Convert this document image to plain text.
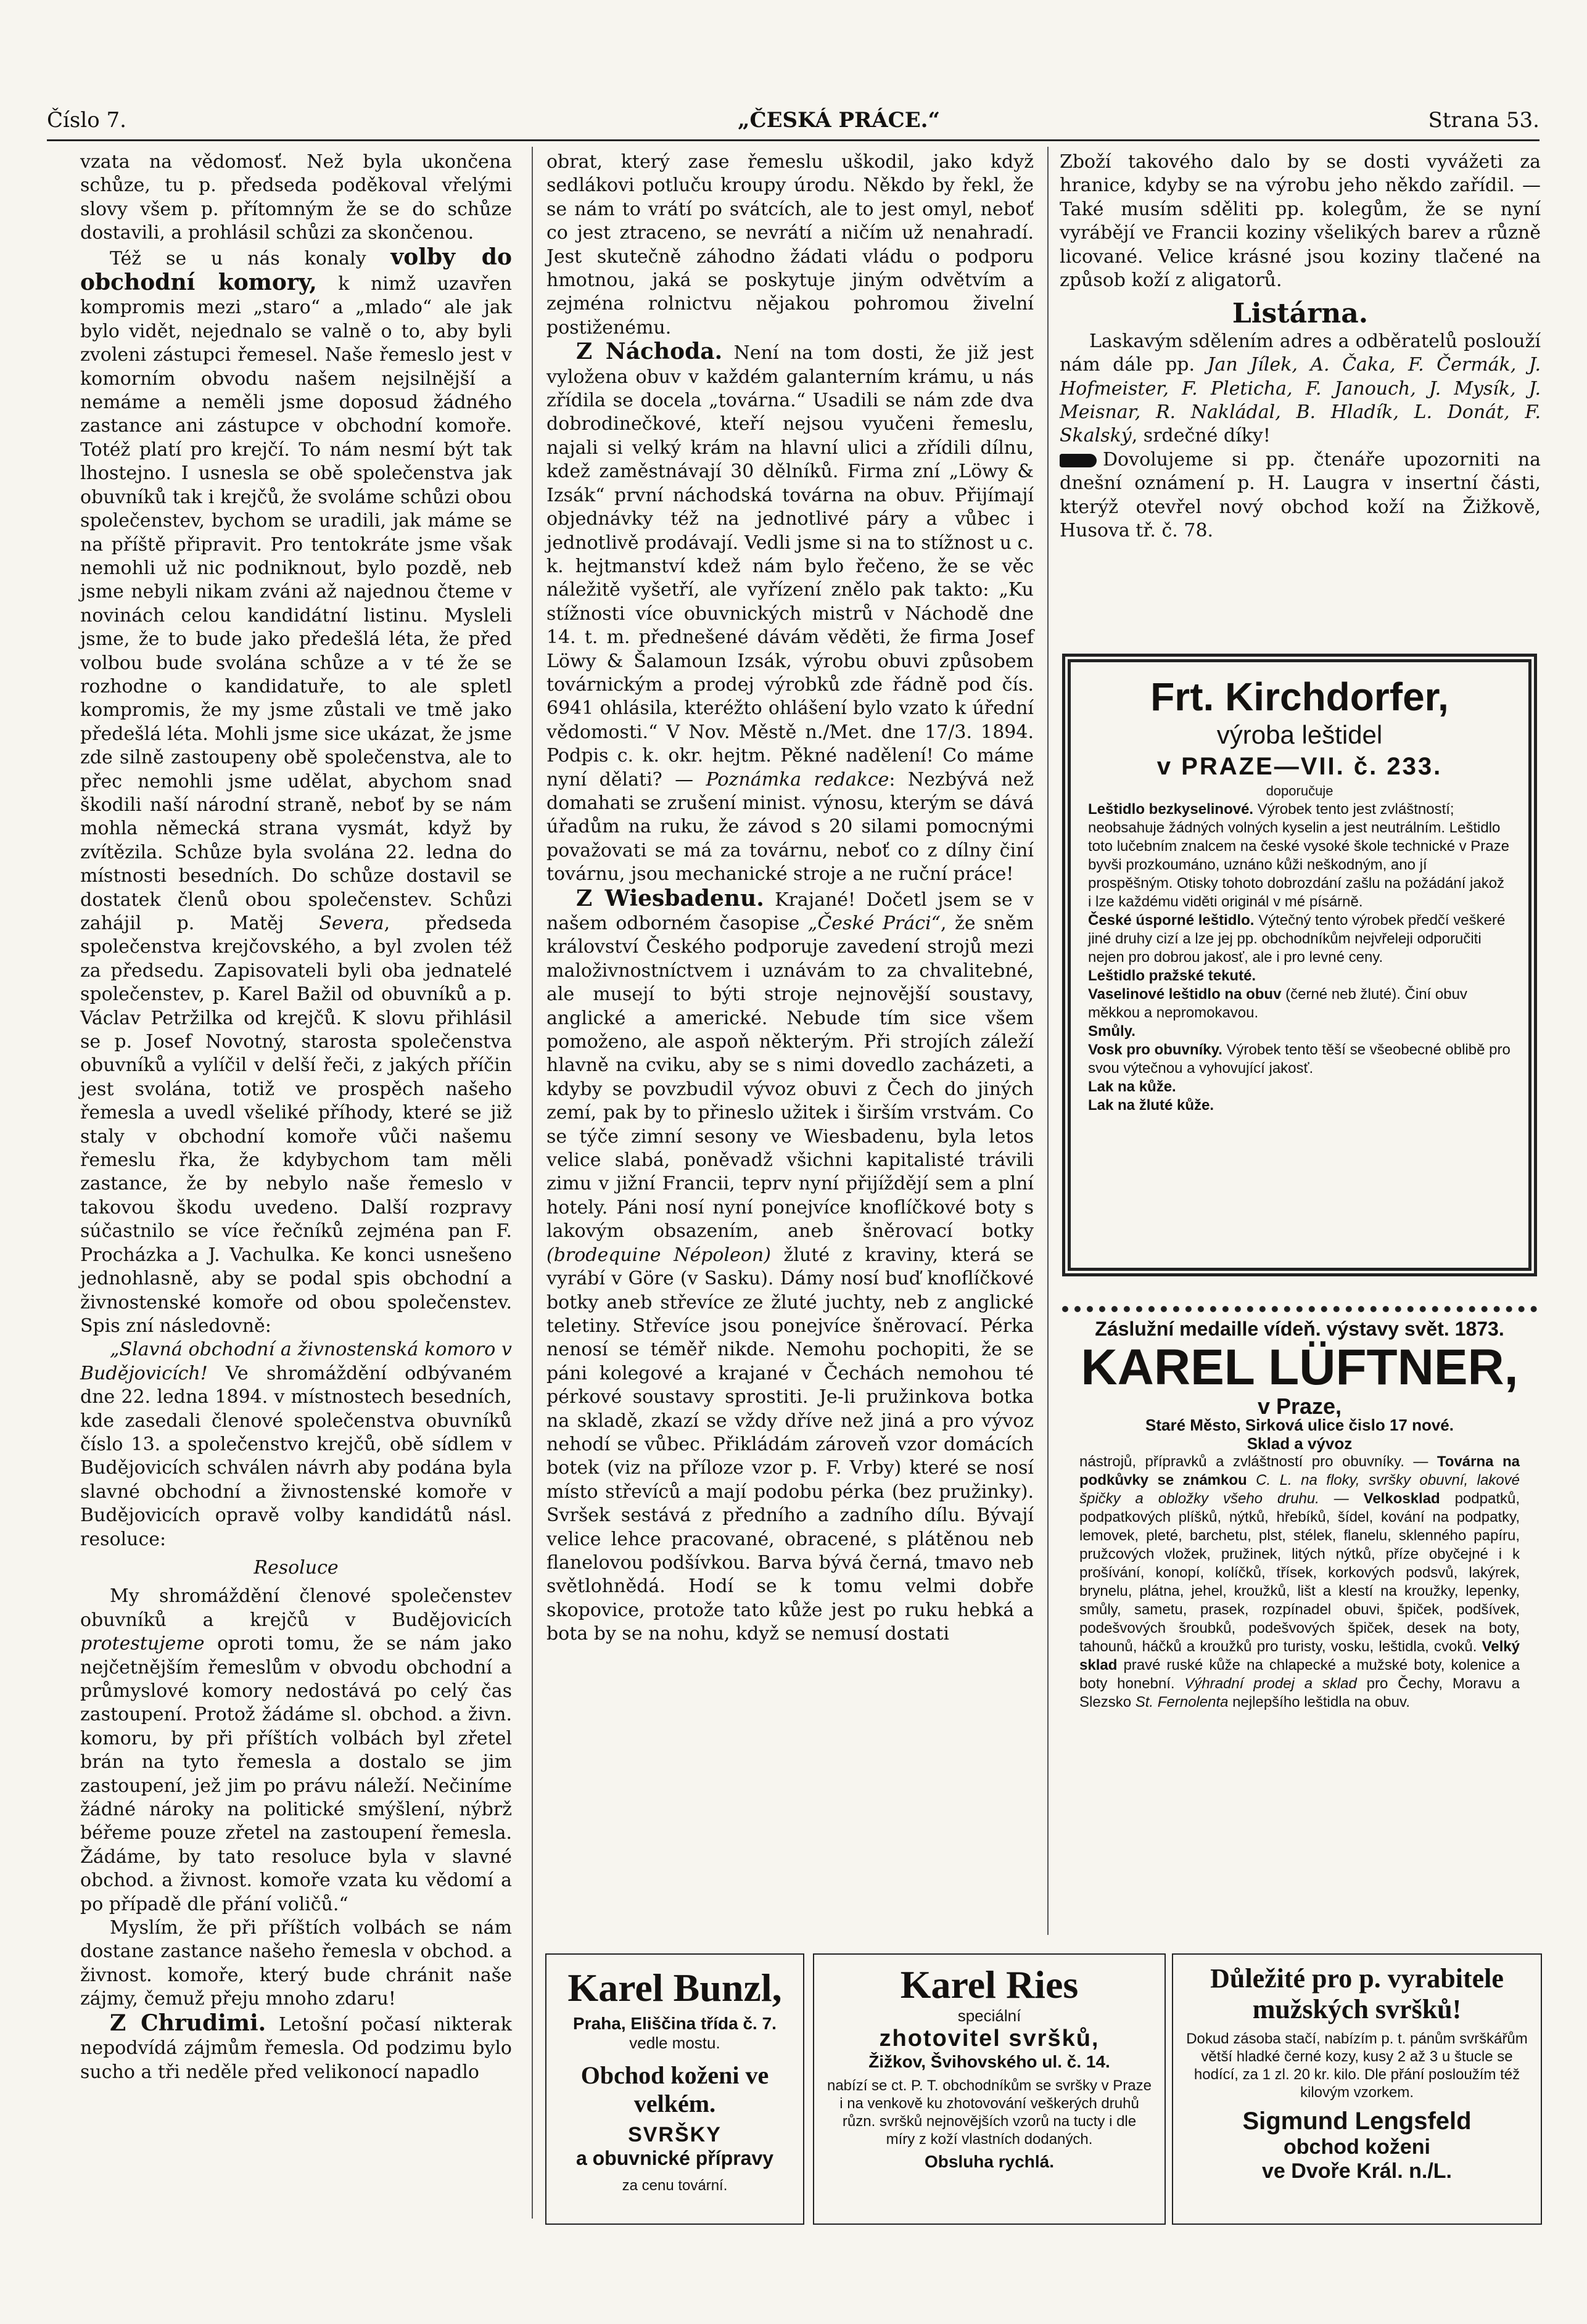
Číslo 7.	„ČESKÁ PRÁCE.“	Strana 53.

vzata na vědomosť. Než byla ukončena schůze, tu p. předseda poděkoval vřelými slovy všem p. přítomným že se do schůze dostavili, a prohlásil schůzi za skončenou.

Též se u nás konaly volby do obchodní komory, k nimž uzavřen kompromis mezi „staro“ a „mlado“ ale jak bylo vidět, nejednalo se valně o to, aby byli zvoleni zástupci řemesel. Naše řemeslo jest v komorním obvodu našem nejsilnější a nemáme a neměli jsme doposud žádného zastance ani zástupce v obchodní komoře. Totéž platí pro krejčí. To nám nesmí být tak lhostejno. I usnesla se obě společenstva jak obuvníků tak i krejčů, že svoláme schůzi obou společenstev, bychom se uradili, jak máme se na příště připravit. Pro tentokráte jsme však nemohli už nic podniknout, bylo pozdě, neb jsme nebyli nikam zváni až najednou čteme v novinách celou kandidátní listinu. Mysleli jsme, že to bude jako předešlá léta, že před volbou bude svolána schůze a v té že se rozhodne o kandidatuře, to ale spletl kompromis, že my jsme zůstali ve tmě jako předešlá léta. Mohli jsme sice ukázat, že jsme zde silně zastoupeny obě společenstva, ale to přec nemohli jsme udělat, abychom snad škodili naší národní straně, neboť by se nám mohla německá strana vysmát, když by zvítězila. Schůze byla svolána 22. ledna do místnosti besedních. Do schůze dostavil se dostatek členů obou společenstev. Schůzi zahájil p. Matěj Severa, předseda společenstva krejčovského, a byl zvolen též za předsedu. Zapisovateli byli oba jednatelé společenstev, p. Karel Bažil od obuvníků a p. Václav Petržilka od krejčů. K slovu přihlásil se p. Josef Novotný, starosta společenstva obuvníků a vylíčil v delší řeči, z jakých příčin jest svolána, totiž ve prospěch našeho řemesla a uvedl všeliké příhody, které se již staly v obchodní komoře vůči našemu řemeslu řka, že kdybychom tam měli zastance, že by nebylo naše řemeslo v takovou škodu uvedeno. Další rozpravy súčastnilo se více řečníků zejména pan F. Procházka a J. Vachulka. Ke konci usnešeno jednohlasně, aby se podal spis obchodní a živnostenské komoře od obou společenstev. Spis zní následovně:

„Slavná obchodní a živnostenská komoro v Budějovicích! Ve shromáždění odbývaném dne 22. ledna 1894. v místnostech besedních, kde zasedali členové společenstva obuvníků číslo 13. a společenstvo krejčů, obě sídlem v Budějovicích schválen návrh aby podána byla slavné obchodní a živnostenské komoře v Budějovicích opravě volby kandidátů násl. resoluce:

Resoluce

My shromáždění členové společenstev obuvníků a krejčů v Budějovicích protestujeme oproti tomu, že se nám jako nejčetnějším řemeslům v obvodu obchodní a průmyslové komory nedostává po celý čas zastoupení. Protož žádáme sl. obchod. a živn. komoru, by při příštích volbách byl zřetel brán na tyto řemesla a dostalo se jim zastoupení, jež jim po právu náleží. Nečiníme žádné nároky na politické smýšlení, nýbrž béřeme pouze zřetel na zastoupení řemesla. Žádáme, by tato resoluce byla v slavné obchod. a živnost. komoře vzata ku vědomí a po případě dle přání voličů.“

Myslím, že při příštích volbách se nám dostane zastance našeho řemesla v obchod. a živnost. komoře, který bude chránit naše zájmy, čemuž přeju mnoho zdaru!

Z Chrudimi. Letošní počasí nikterak nepodvídá zájmům řemesla. Od podzimu bylo sucho a tři neděle před velikonocí napadlo

obrat, který zase řemeslu uškodil, jako když sedlákovi potluču kroupy úrodu. Někdo by řekl, že se nám to vrátí po svátcích, ale to jest omyl, neboť co jest ztraceno, se nevrátí a ničím už nenahradí. Jest skutečně záhodno žádati vládu o podporu hmotnou, jaká se poskytuje jiným odvětvím a zejména rolnictvu nějakou pohromou živelní postiženému.

Z Náchoda. Není na tom dosti, že již jest vyložena obuv v každém galanterním krámu, u nás zřídila se docela „továrna.“ Usadili se nám zde dva dobrodinečkové, kteří nejsou vyučeni řemeslu, najali si velký krám na hlavní ulici a zřídili dílnu, kdež zaměstnávají 30 dělníků. Firma zní „Löwy & Izsák“ první náchodská továrna na obuv. Přijímají objednávky též na jednotlivé páry a vůbec i jednotlivě prodávají. Vedli jsme si na to stížnost u c. k. hejtmanství kdež nám bylo řečeno, že se věc náležitě vyšetří, ale vyřízení znělo pak takto: „Ku stížnosti více obuvnických mistrů v Náchodě dne 14. t. m. přednešené dávám věděti, že firma Josef Löwy & Šalamoun Izsák, výrobu obuvi způsobem továrnickým a prodej výrobků zde řádně pod čís. 6941 ohlásila, kteréžto ohlášení bylo vzato k úřední vědomosti.“ V Nov. Městě n./Met. dne 17/3. 1894. Podpis c. k. okr. hejtm. Pěkné nadělení! Co máme nyní dělati? — Poznámka redakce: Nezbývá než domahati se zrušení minist. výnosu, kterým se dává úřadům na ruku, že závod s 20 silami pomocnými považovati se má za továrnu, neboť co z dílny činí továrnu, jsou mechanické stroje a ne ruční práce!

Z Wiesbadenu. Krajané! Dočetl jsem se v našem odborném časopise „České Práci“, že sněm království Českého podporuje zavedení strojů mezi maloživnostníctvem i uznávám to za chvalitebné, ale musejí to býti stroje nejnovější soustavy, anglické a americké. Nebude tím sice všem pomoženo, ale aspoň některým. Při strojích záleží hlavně na cviku, aby se s nimi dovedlo zacházeti, a kdyby se povzbudil vývoz obuvi z Čech do jiných zemí, pak by to přineslo užitek i širším vrstvám. Co se týče zimní sesony ve Wiesbadenu, byla letos velice slabá, poněvadž všichni kapitalisté trávili zimu v jižní Francii, teprv nyní přijíždějí sem a plní hotely. Páni nosí nyní ponejvíce knoflíčkové boty s lakovým obsazením, aneb šněrovací botky (brodequine Népoleon) žluté z kraviny, která se vyrábí v Göre (v Sasku). Dámy nosí buď knoflíčkové botky aneb střevíce ze žluté juchty, neb z anglické teletiny. Střevíce jsou ponejvíce šněrovací. Pérka nenosí se téměř nikde. Nemohu pochopiti, že se páni kolegové a krajané v Čechách nemohou té pérkové soustavy sprostiti. Je-li pružinkova botka na skladě, zkazí se vždy dříve než jiná a pro vývoz nehodí se vůbec. Přikládám zároveň vzor domácích botek (viz na příloze vzor p. F. Vrby) které se nosí místo střevíců a mají podobu pérka (bez pružinky). Svršek sestává z předního a zadního dílu. Bývají velice lehce pracované, obracené, s plátěnou neb flanelovou podšívkou. Barva bývá černá, tmavo neb světlohnědá. Hodí se k tomu velmi dobře skopovice, protože tato kůže jest po ruku hebká a bota by se na nohu, když se nemusí dostati

Zboží takového dalo by se dosti vyvážeti za hranice, kdyby se na výrobu jeho někdo zařídil. — Také musím sděliti pp. kolegům, že se nyní vyrábějí ve Francii koziny všelikých barev a různě licované. Velice krásné jsou koziny tlačené na způsob koží z aligatorů.

Listárna.

Laskavým sdělením adres a odběratelů poslouží nám dále pp. Jan Jílek, A. Čaka, F. Čermák, J. Hofmeister, F. Pleticha, F. Janouch, J. Mysík, J. Meisnar, R. Nakládal, B. Hladík, L. Donát, F. Skalský, srdečné díky!

Dovolujeme si pp. čtenáře upozorniti na dnešní oznámení p. H. Laugra v insertní části, kterýž otevřel nový obchod koží na Žižkově, Husova tř. č. 78.

Frt. Kirchdorfer,
výroba leštidel
v PRAZE—VII. č. 233.
doporučuje
Leštidlo bezkyselinové. Výrobek tento jest zvláštností; neobsahuje žádných volných kyselin a jest neutrálním. Leštidlo toto lučebním znalcem na české vysoké škole technické v Praze byvši prozkoumáno, uznáno kůži neškodným, ano jí prospěšným. Otisky tohoto dobrozdání zašlu na požádání jakož i lze každému viděti originál v mé písárně.
České úsporné leštidlo. Výtečný tento výrobek předčí veškeré jiné druhy cizí a lze jej pp. obchodníkům nejvřeleji odporučiti nejen pro dobrou jakosť, ale i pro levné ceny.
Leštidlo pražské tekuté.
Vaselinové leštidlo na obuv (černé neb žluté). Činí obuv měkkou a nepromokavou.
Smůly.
Vosk pro obuvníky. Výrobek tento těší se všeobecné oblibě pro svou výtečnou a vyhovující jakosť.
Lak na kůže.
Lak na žluté kůže.
Záslužní medaille vídeň. výstavy svět. 1873.
KAREL LÜFTNER,
v Praze,
Staré Město, Sirková ulice čislo 17 nové.
Sklad a vývoz
nástrojů, přípravků a zvláštností pro obuvníky. — Továrna na podkůvky se známkou C. L. na floky, svršky obuvní, lakové špičky a obložky všeho druhu. — Velkosklad podpatků, podpatkových plíšků, nýtků, hřebíků, šídel, kování na podpatky, lemovek, pleté, barchetu, plst, stélek, flanelu, sklenného papíru, pružcových vložek, pružinek, litých nýtků, příze obyčejné i k prošívání, konopí, kolíčků, třísek, korkových podsvů, lakýrek, brynelu, plátna, jehel, kroužků, lišt a klestí na kroužky, lepenky, smůly, sametu, prasek, rozpínadel obuvi, špiček, podšívek, podešvových šroubků, podešvových špiček, desek na boty, tahounů, háčků a kroužků pro turisty, vosku, leštidla, cvoků. Velký sklad pravé ruské kůže na chlapecké a mužské boty, kolenice a boty honební. Výhradní prodej a sklad pro Čechy, Moravu a Slezsko St. Fernolenta nejlepšího leštidla na obuv.
Karel Bunzl,
Praha, Eliščina třída č. 7.
vedle mostu.
Obchod koženi ve velkém.
SVRŠKY
a obuvnické přípravy
za cenu tovární.
Karel Ries
speciální
zhotovitel svršků,
Žižkov, Švihovského ul. č. 14.
nabízí se ct. P. T. obchodníkům se svršky v Praze i na venkově ku zhotovování veškerých druhů různ. svršků nejnovějších vzorů na tucty i dle míry z koží vlastních dodaných.
Obsluha rychlá.
Důležité pro p. vyrabitele mužských svršků!
Dokud zásoba stačí, nabízím p. t. pánům svrškářům větší hladké černé kozy, kusy 2 až 3 u štucle se hodící, za 1 zl. 20 kr. kilo. Dle přání posloužím též kilovým vzorkem.
Sigmund Lengsfeld
obchod koženi
ve Dvoře Král. n./L.
